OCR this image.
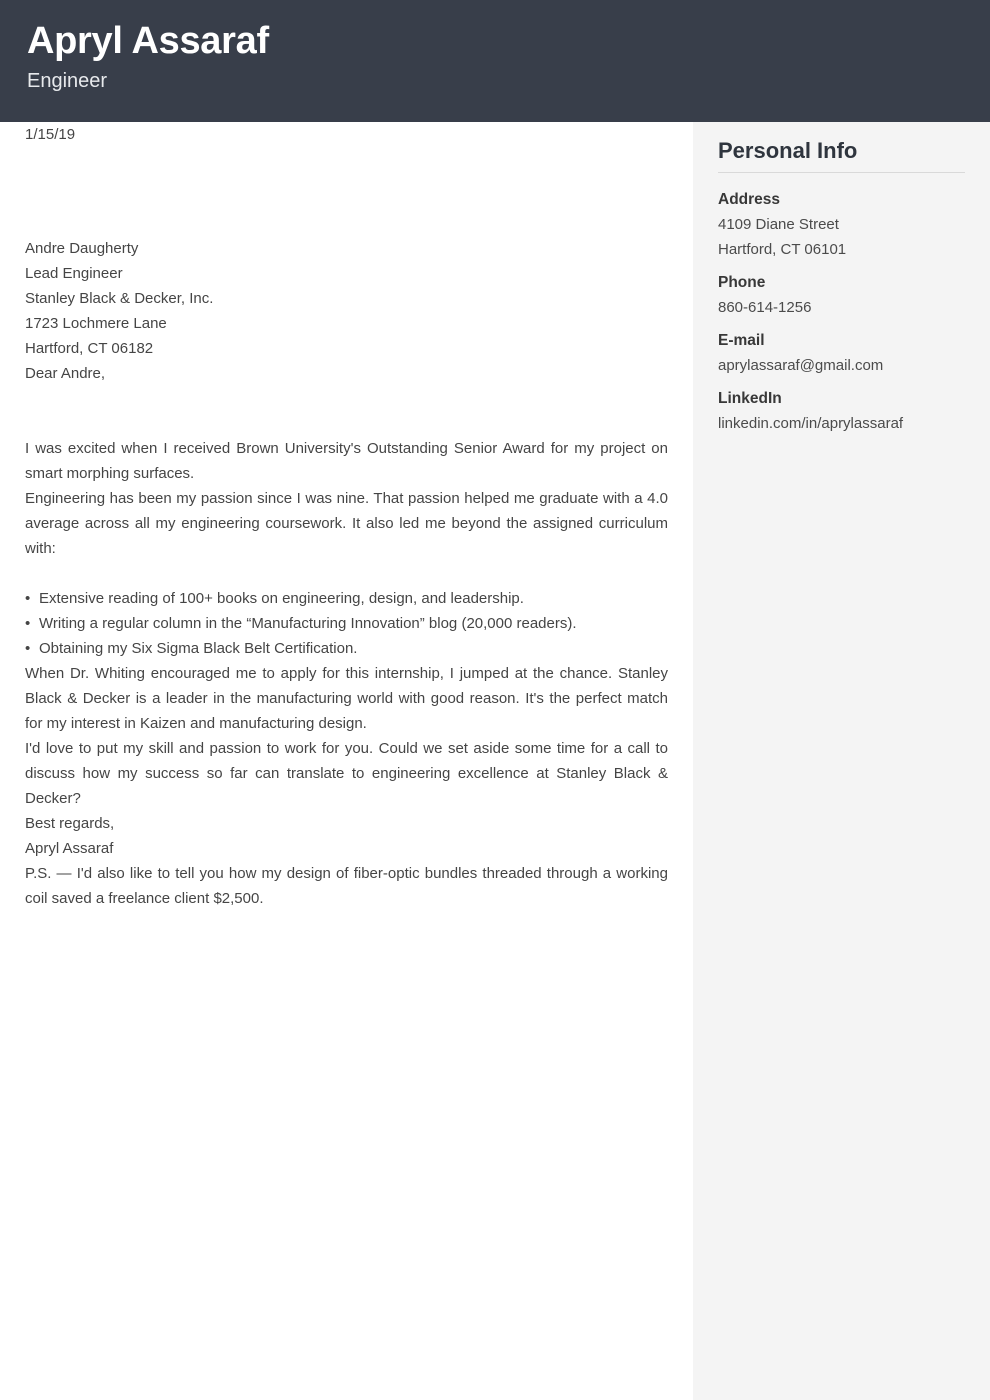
Apryl Assaraf
Engineer

1/15/19

Andre Daugherty
Lead Engineer
Stanley Black & Decker, Inc.
1723 Lochmere Lane
Hartford, CT 06182

Dear Andre,

I was excited when I received Brown University's Outstanding Senior Award for my project on smart morphing surfaces.

Engineering has been my passion since I was nine. That passion helped me graduate with a 4.0 average across all my engineering coursework. It also led me beyond the assigned curriculum with:

• Extensive reading of 100+ books on engineering, design, and leadership.
• Writing a regular column in the “Manufacturing Innovation” blog (20,000 readers).
• Obtaining my Six Sigma Black Belt Certification.

When Dr. Whiting encouraged me to apply for this internship, I jumped at the chance. Stanley Black & Decker is a leader in the manufacturing world with good reason. It's the perfect match for my interest in Kaizen and manufacturing design.

I'd love to put my skill and passion to work for you. Could we set aside some time for a call to discuss how my success so far can translate to engineering excellence at Stanley Black & Decker?

Best regards,

Apryl Assaraf

P.S. — I'd also like to tell you how my design of fiber-optic bundles threaded through a working coil saved a freelance client $2,500.

Personal Info
Address
4109 Diane Street
Hartford, CT 06101
Phone
860-614-1256
E-mail
aprylassaraf@gmail.com
LinkedIn
linkedin.com/in/aprylassaraf
